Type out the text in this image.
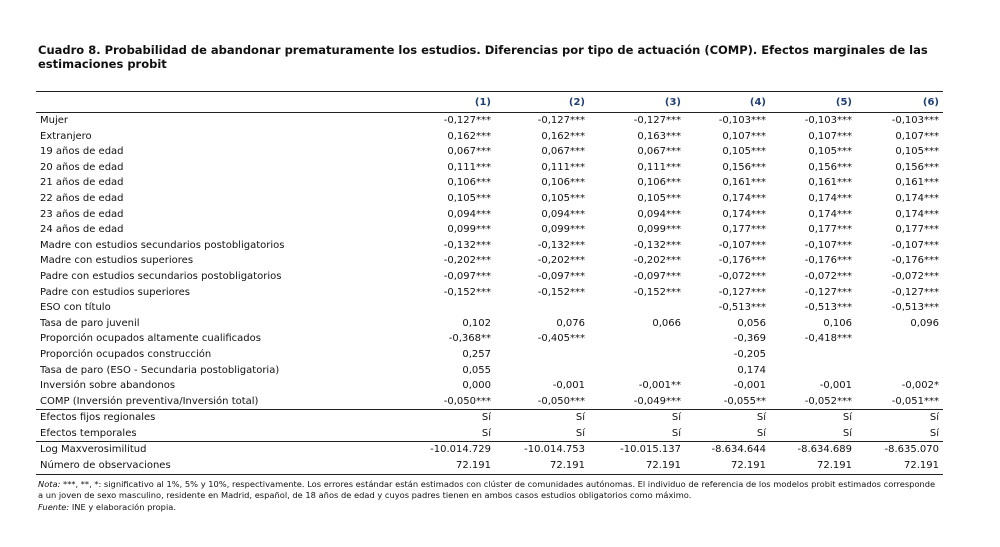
Cuadro 8. Probabilidad de abandonar prematuramente los estudios. Diferencias por tipo de actuación (COMP). Efectos marginales de las estimaciones probit
	(1)	(2)	(3)	(4)	(5)	(6)
Mujer	-0,127***	-0,127***	-0,127***	-0,103***	-0,103***	-0,103***
Extranjero	0,162***	0,162***	0,163***	0,107***	0,107***	0,107***
19 años de edad	0,067***	0,067***	0,067***	0,105***	0,105***	0,105***
20 años de edad	0,111***	0,111***	0,111***	0,156***	0,156***	0,156***
21 años de edad	0,106***	0,106***	0,106***	0,161***	0,161***	0,161***
22 años de edad	0,105***	0,105***	0,105***	0,174***	0,174***	0,174***
23 años de edad	0,094***	0,094***	0,094***	0,174***	0,174***	0,174***
24 años de edad	0,099***	0,099***	0,099***	0,177***	0,177***	0,177***
Madre con estudios secundarios postobligatorios	-0,132***	-0,132***	-0,132***	-0,107***	-0,107***	-0,107***
Madre con estudios superiores	-0,202***	-0,202***	-0,202***	-0,176***	-0,176***	-0,176***
Padre con estudios secundarios postobligatorios	-0,097***	-0,097***	-0,097***	-0,072***	-0,072***	-0,072***
Padre con estudios superiores	-0,152***	-0,152***	-0,152***	-0,127***	-0,127***	-0,127***
ESO con título				-0,513***	-0,513***	-0,513***
Tasa de paro juvenil	0,102	0,076	0,066	0,056	0,106	0,096
Proporción ocupados altamente cualificados	-0,368**	-0,405***		-0,369	-0,418***	
Proporción ocupados construcción	0,257			-0,205		
Tasa de paro (ESO - Secundaria postobligatoria)	0,055			0,174		
Inversión sobre abandonos	0,000	-0,001	-0,001**	-0,001	-0,001	-0,002*
COMP (Inversión preventiva/Inversión total)	-0,050***	-0,050***	-0,049***	-0,055**	-0,052***	-0,051***
Efectos fijos regionales	Sí	Sí	Sí	Sí	Sí	Sí
Efectos temporales	Sí	Sí	Sí	Sí	Sí	Sí
Log Maxverosimilitud	-10.014.729	-10.014.753	-10.015.137	-8.634.644	-8.634.689	-8.635.070
Número de observaciones	72.191	72.191	72.191	72.191	72.191	72.191
Nota: ***, **, *: significativo al 1%, 5% y 10%, respectivamente. Los errores estándar están estimados con clúster de comunidades autónomas. El individuo de referencia de los modelos probit estimados corresponde a un joven de sexo masculino, residente en Madrid, español, de 18 años de edad y cuyos padres tienen en ambos casos estudios obligatorios como máximo.
Fuente: INE y elaboración propia.
